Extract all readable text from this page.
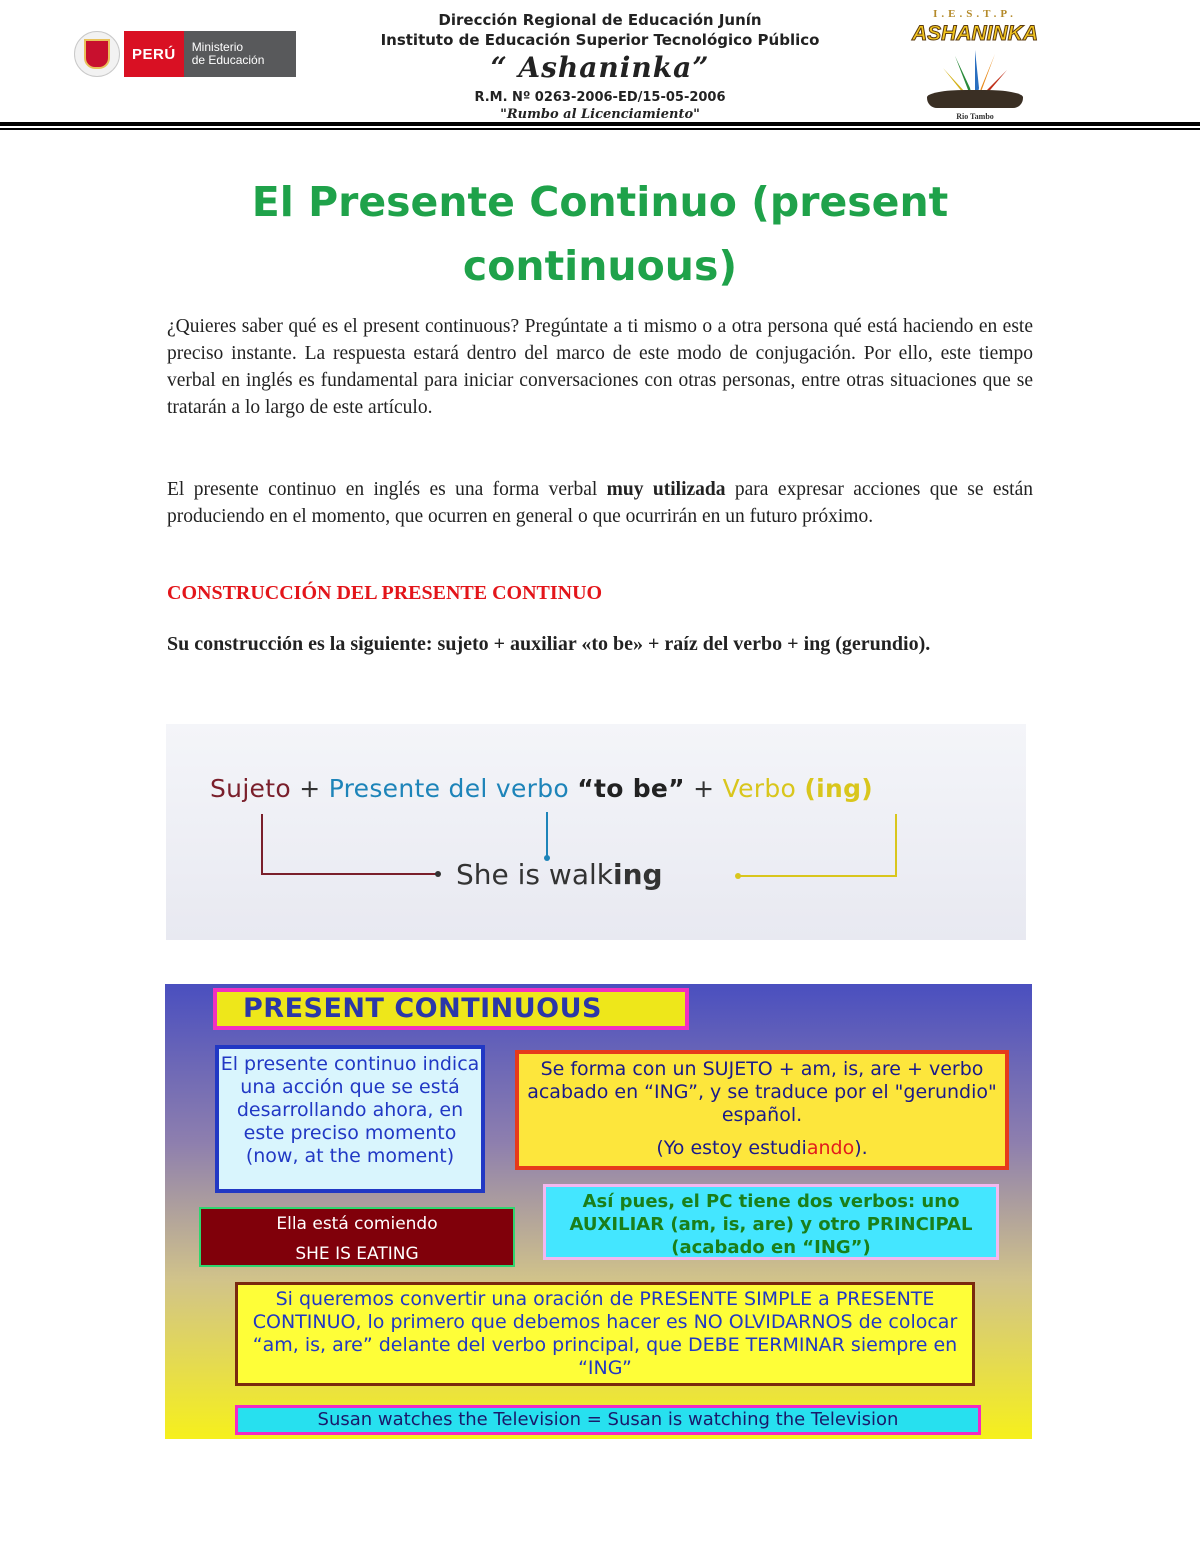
PERÚ	Ministerio
de Educación
Dirección Regional de Educación Junín
Instituto de Educación Superior Tecnológico Público
“ Ashaninka”
R.M. Nº 0263-2006-ED/15-05-2006
"Rumbo al Licenciamiento"
I.E.S.T.P.
ASHANINKA
Rio Tambo
El Presente Continuo (present continuous)
¿Quieres saber qué es el present continuous? Pregúntate a ti mismo o a otra persona qué está haciendo en este preciso instante. La respuesta estará dentro del marco de este modo de conjugación. Por ello, este tiempo verbal en inglés es fundamental para iniciar conversaciones con otras personas, entre otras situaciones que se tratarán a lo largo de este artículo.
El presente continuo en inglés es una forma verbal muy utilizada para expresar acciones que se están produciendo en el momento, que ocurren en general o que ocurrirán en un futuro próximo.
CONSTRUCCIÓN DEL PRESENTE CONTINUO
Su construcción es la siguiente: sujeto + auxiliar «to be» + raíz del verbo + ing (gerundio).
Sujeto + Presente del verbo “to be” + Verbo (ing)
She is walking
PRESENT CONTINUOUS
El presente continuo indica una acción que se está desarrollando ahora, en este preciso momento (now, at the moment)
Se forma con un SUJETO + am, is, are + verbo acabado en “ING”, y se traduce por el "gerundio" español.
(Yo estoy estudiando).
Ella está comiendo
SHE IS EATING
Así pues, el PC tiene dos verbos: uno AUXILIAR (am, is, are) y otro PRINCIPAL (acabado en “ING”)
Si queremos convertir una oración de PRESENTE SIMPLE a PRESENTE CONTINUO, lo primero que debemos hacer es NO OLVIDARNOS de colocar “am, is, are” delante del verbo principal, que DEBE TERMINAR siempre en “ING”
Susan watches the Television = Susan is watching the Television
